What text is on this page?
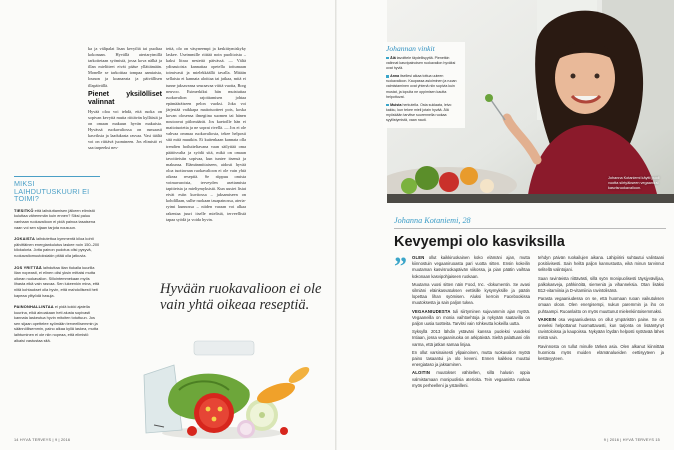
ka ja välipalat lisan kevyiltä tai puoltaa kokonaan. Hyvällä ateriarytmillä tarkoitetaan syömistä, jossa kova nälkä ja illan mielitteet eivät pääse yllättämään. Monelle se tarkoittaa tompaa aamiaista, lounon ja koanaeata ja päivällisen illapäivällä.

Pienet yksilölliset valinnat

Hyvää oloa voi tehdä, että ruoka on sopivan kevyttä mutta riittävän kylläistä ja on omaan makuun hyvän makuista. Hyvässä ruokavaliossa on runsaasti kasviksia ja laadukasta rasvaa. Vasi täältä voi on riittävä juomineen. Jos elimistö ei saa tarpeeksi nes-

tettä, olo on väsyneempi ja keskittymiskyky laskee. Useimmille riittää noin puolitoista – kaksi litraa nestettä päivässä. — Vältä ydinasioista kannattaa opetella tottumaan toimivasti ja mielekkäällä tavalla. Mitään sellaista ei kannata aloittaa tai jatkaa, mitä ei tunne jaksavansa seuraavaa viittä vuotta, Borg neuvoo. Esimerkiksi hän muistuttaa ruokavalion rajoittamisen johtaa epämääräiseen pelon vuoksi. Joka voi järjestää vaikkapa maitotuotteet pois, koska kovan olosensa ilmegiina suomen tai hänen noutoavat piilomäärät. Jos kaetoille hän ei maitotuotetta ja ne soprat rivellä. — Jos ei ole vahvaa ommaa ruokavaliosta, tekee helposti sitä mitä muutkin. Ei kuitenkaan kannata olla trendien hoilutteltavana vaan säilyttää oma päätösvalta ja syödä sitä, mikä on omaan tavoitteisiin sopivaa, kun tuntee itsensä ja makunsa. Elämänmittaiseen, aidosti hyvää oloa tuottavaan ruokavalioon ei ole vain yhtä oikeaa reseptiä. Se riippuu omista voimavaroista, terveyden asettamista tapitteista ja mieltymyksistä. Kun uusiet lisiat eivät esiin kuvitossa – jaksamiseen on kohdillaan, sulhe ruokaan tasapainossa, ateria-rytmi kunnossa – niiden varaan voi alkaa rakentaa juuri itselle mielistä, terveellistä tapaa syödä ja voida hyvin.

MIKSI LAIHDUTUSKUURI EI TOIMI?
TIESITKÖ että laihduttamisen jälkeen elimistö kuluttaa vähemmän kuin ennen? Siksi paluu vanhaan ruokavalioon ei pidä painoa tasaisena vaan voi sen sijaan tarjota nousuun.
JOKAISTA laihdutettua kymmentä kiloa kohti päivittäinen energiankulutus laskee noin 150–200 kilokaloria. Jotta painon pudotus olisi pysyvä, ruokavaliomuutoksiakin pitää olla jatkuvia.
JOS YRITTÄÄ laihduttaa liian tiukalla kuurilla liian nopeasti, ei elinen olisi yksin mittaisi mutta oikean ruokavalion. Sillointemmekaan myös lihasta eikä vain rasvaa. Sen lukeenkin mina, että niitä kohtaukset olla hyvin, että mahdollisesti heti kapeaa ylityödä hasuja.
PAINONHALLINTAA ei pidä kokki ajatella kuurina, eikä ainoakaan heti alusta sopivasti kannata laskeutua hyvin mitoiten totuttuun. Jos sen sijaan opettelee syömään terveellisemmin ja säännöllisemmin, paino alkaa kyllä laskea, mutta laihtuminen ei ole niin nopeaa, että elimistö alkaisi vastustaa sitä.
Hyvään ruokavalioon ei ole vain yhtä oikeaa reseptiä.
14 HYVÄ TERVEYS | 9 | 2016
Johannan vinkit
Älä tavoittele täydellisyyttä. Pienetkin valinnat kasvipainoisen ruokavalion hyväksi ovat hyviä.
Anna itsellesi aikaa tottua uuteen ruokavalioon. Kaupassa asioiminen ja ruoan valmistaminen ovat yhtenä niin sopivia kuin mustat, ja lopulta ne oppimisen kautta helpottuvat.
Muista herkutella. Osta suklaata, leivo kakku, kun tekee mieli jotain hyvää. Älä myöskään tarvitse suurennella ruokaa syyllistymistä, vaan nauti.
Johanna Kotaniemi käytti puoli vuotta siirtyäkseen vegaaniksi kasvisruokavalioon.
Johanna Kotaniemi, 28
Kevyempi olo kasviksilla
” OLEN ollut kaikkiruokainen koko elämäni ajan, mutta kiinnostuin vegaaniruoasta pari vuotta sitten. Ensin kokeilin muutaman kasvisruokapäivän viikossa, ja pian päätin vaihtaa kokonaan kasvipohjaiseen ruokaan.

Muutama vuosi sitten näin Food, Inc. -dokumentin. Se avasi silmiäni eläinkasvatuksen eettisille kysymyksille ja päätin lopettaa lihan syömisen. Aluksi kerroin Facebookissa muutoksesta ja sain paljon tukea.

VEGAANIUDESTA tuli siirtyminen sujuvammin ajan myötä. Vegaaneilla on monia vaihtoehtoja ja nykyään saatavilla on paljon uusia tuotteita. Tarvitsi vain rohkeutta kokeilla uutta.

Syksyllä 2013 lähdin ystäväni kanssa puoleksi vuodeksi Intiaan, jossa vegaaniruoka on arkipäivää. Sieltä palattuani olin varma, että jatkan samaa linjaa.

En ollut varsinaisesti ylipainoinen, mutta ruokavalion myötä paino tasaantui ja olo keveni. Ennen kaikkea muuttui energiataso ja jaksaminen.

ALOITIN muutokset vähitellen, sillä halusin oppia valmistamaan monipuolisia aterioita. Tein vegaanista ruokaa myös perheelleni ja ystävilleni.

tehdyn päivän ruokailujen aikana. Lähipiirini suhtautui valintaani positiivisesti. Sain heiltä paljon kannustusta, eikä minun tarvinnut selitellä valintojani.

Saan ravinteista riittävästi, sillä syön monipuolisesti täysjyväviljaa, palkokasveja, pähkinöitä, siemeniä ja vihanneksia. Otan lisäksi B12-vitamiinia ja D-vitamiinia ravintolisänä.

Parasta vegaaniudessa on se, että huomaan ruoan vaikutuksen omaan oloon. Olen energisempi, nukun paremmin ja iho on puhtaampi. Ruoanlaitto on myös muuttunut mielenkiintoisemmaksi.

VAIKEIN osa vegaaniudessa on ollut ympäristön paine. Se on onneksi helpottanut huomattavasti, kun tarjonta on lisääntynyt ravintoloissa ja kaupoissa. Nykyään löydän helposti syötävää lähes mistä vain.

Ravinnosta on tullut minulle tärkeä asia. Olen alkanut kiinnittää huomiota myös muiden elämänalueiden eettisyyteen ja kestävyyteen.

9 | 2016 | HYVÄ TERVEYS 15
